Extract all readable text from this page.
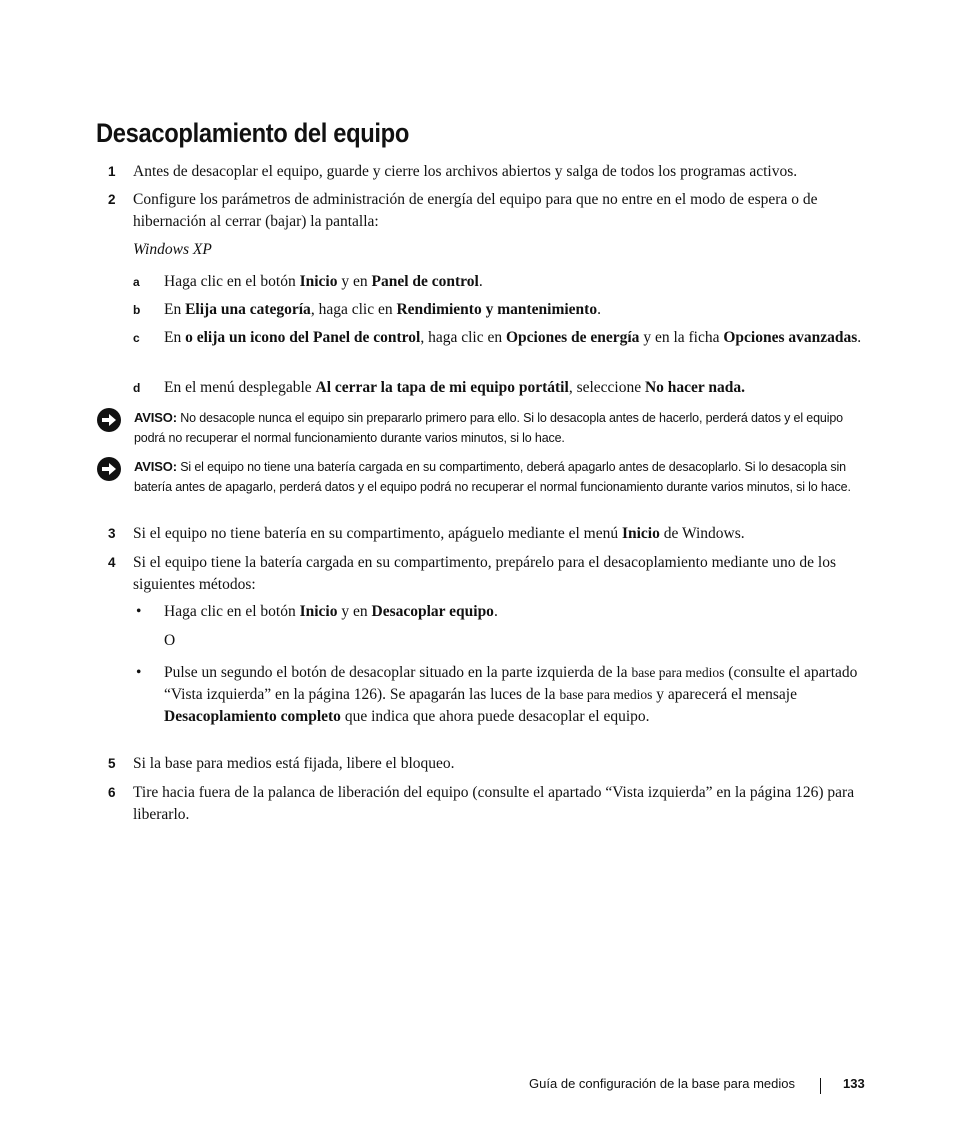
Desacoplamiento del equipo
1 Antes de desacoplar el equipo, guarde y cierre los archivos abiertos y salga de todos los programas activos.
2 Configure los parámetros de administración de energía del equipo para que no entre en el modo de espera o de hibernación al cerrar (bajar) la pantalla:
Windows XP
a Haga clic en el botón Inicio y en Panel de control.
b En Elija una categoría, haga clic en Rendimiento y mantenimiento.
c En o elija un icono del Panel de control, haga clic en Opciones de energía y en la ficha Opciones avanzadas.
d En el menú desplegable Al cerrar la tapa de mi equipo portátil, seleccione No hacer nada.
AVISO: No desacople nunca el equipo sin prepararlo primero para ello. Si lo desacopla antes de hacerlo, perderá datos y el equipo podrá no recuperar el normal funcionamiento durante varios minutos, si lo hace.
AVISO: Si el equipo no tiene una batería cargada en su compartimento, deberá apagarlo antes de desacoplarlo. Si lo desacopla sin batería antes de apagarlo, perderá datos y el equipo podrá no recuperar el normal funcionamiento durante varios minutos, si lo hace.
3 Si el equipo no tiene batería en su compartimento, apáguelo mediante el menú Inicio de Windows.
4 Si el equipo tiene la batería cargada en su compartimento, prepárelo para el desacoplamiento mediante uno de los siguientes métodos:
• Haga clic en el botón Inicio y en Desacoplar equipo.
O
• Pulse un segundo el botón de desacoplar situado en la parte izquierda de la base para medios (consulte el apartado “Vista izquierda” en la página 126). Se apagarán las luces de la base para medios y aparecerá el mensaje Desacoplamiento completo que indica que ahora puede desacoplar el equipo.
5 Si la base para medios está fijada, libere el bloqueo.
6 Tire hacia fuera de la palanca de liberación del equipo (consulte el apartado “Vista izquierda” en la página 126) para liberarlo.
Guía de configuración de la base para medios	133
